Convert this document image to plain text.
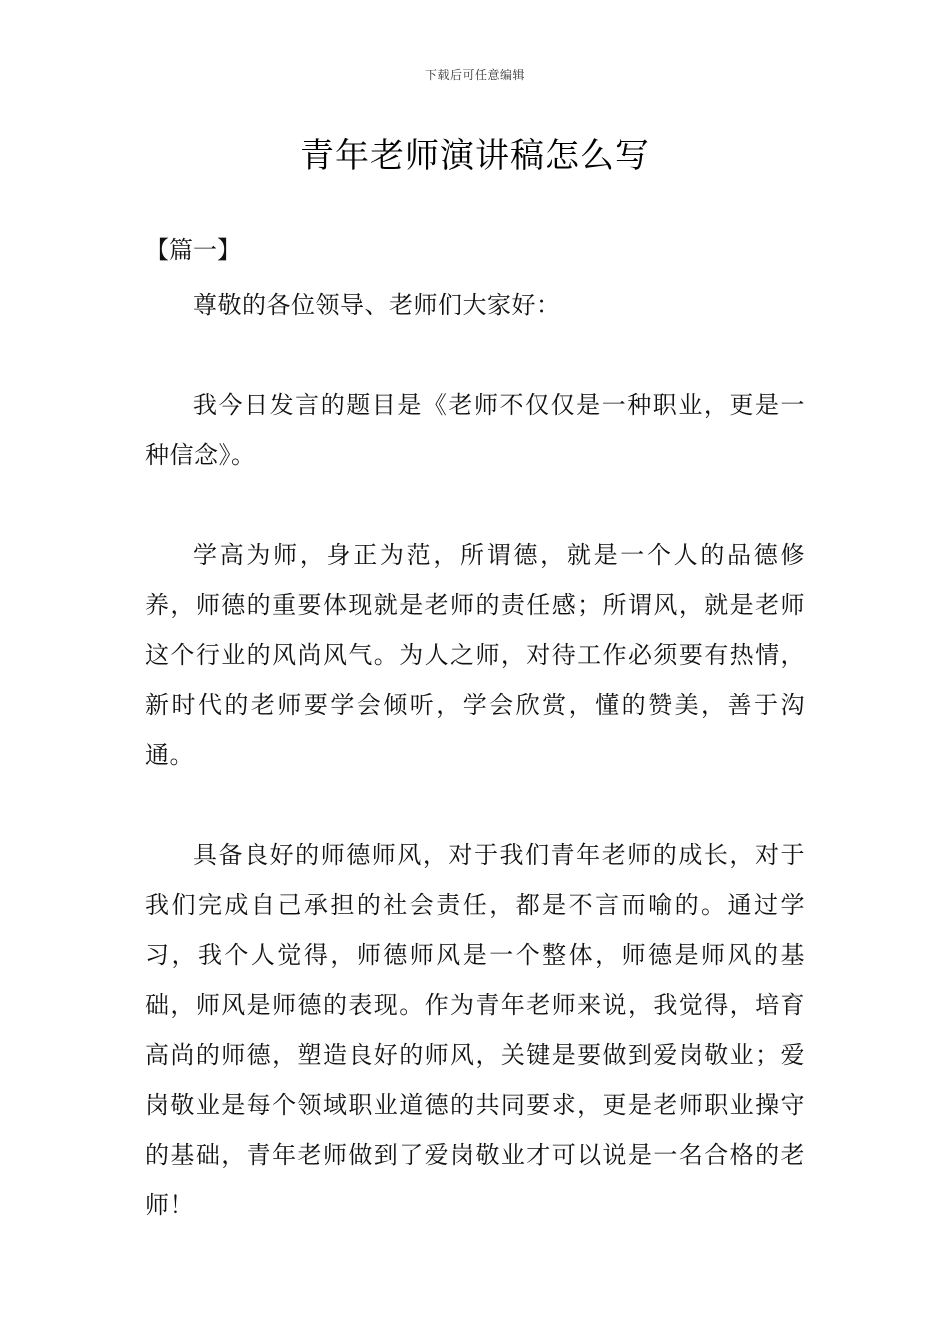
下载后可任意编辑
青年老师演讲稿怎么写
【篇一】

尊敬的各位领导、老师们大家好：

我今日发言的题目是《老师不仅仅是一种职业，更是一种信念》。

学高为师，身正为范，所谓德，就是一个人的品德修养，师德的重要体现就是老师的责任感；所谓风，就是老师这个行业的风尚风气。为人之师，对待工作必须要有热情，新时代的老师要学会倾听，学会欣赏，懂的赞美，善于沟通。

具备良好的师德师风，对于我们青年老师的成长，对于我们完成自己承担的社会责任，都是不言而喻的。通过学习，我个人觉得，师德师风是一个整体，师德是师风的基础，师风是师德的表现。作为青年老师来说，我觉得，培育高尚的师德，塑造良好的师风，关键是要做到爱岗敬业；爱岗敬业是每个领域职业道德的共同要求，更是老师职业操守的基础，青年老师做到了爱岗敬业才可以说是一名合格的老师！
